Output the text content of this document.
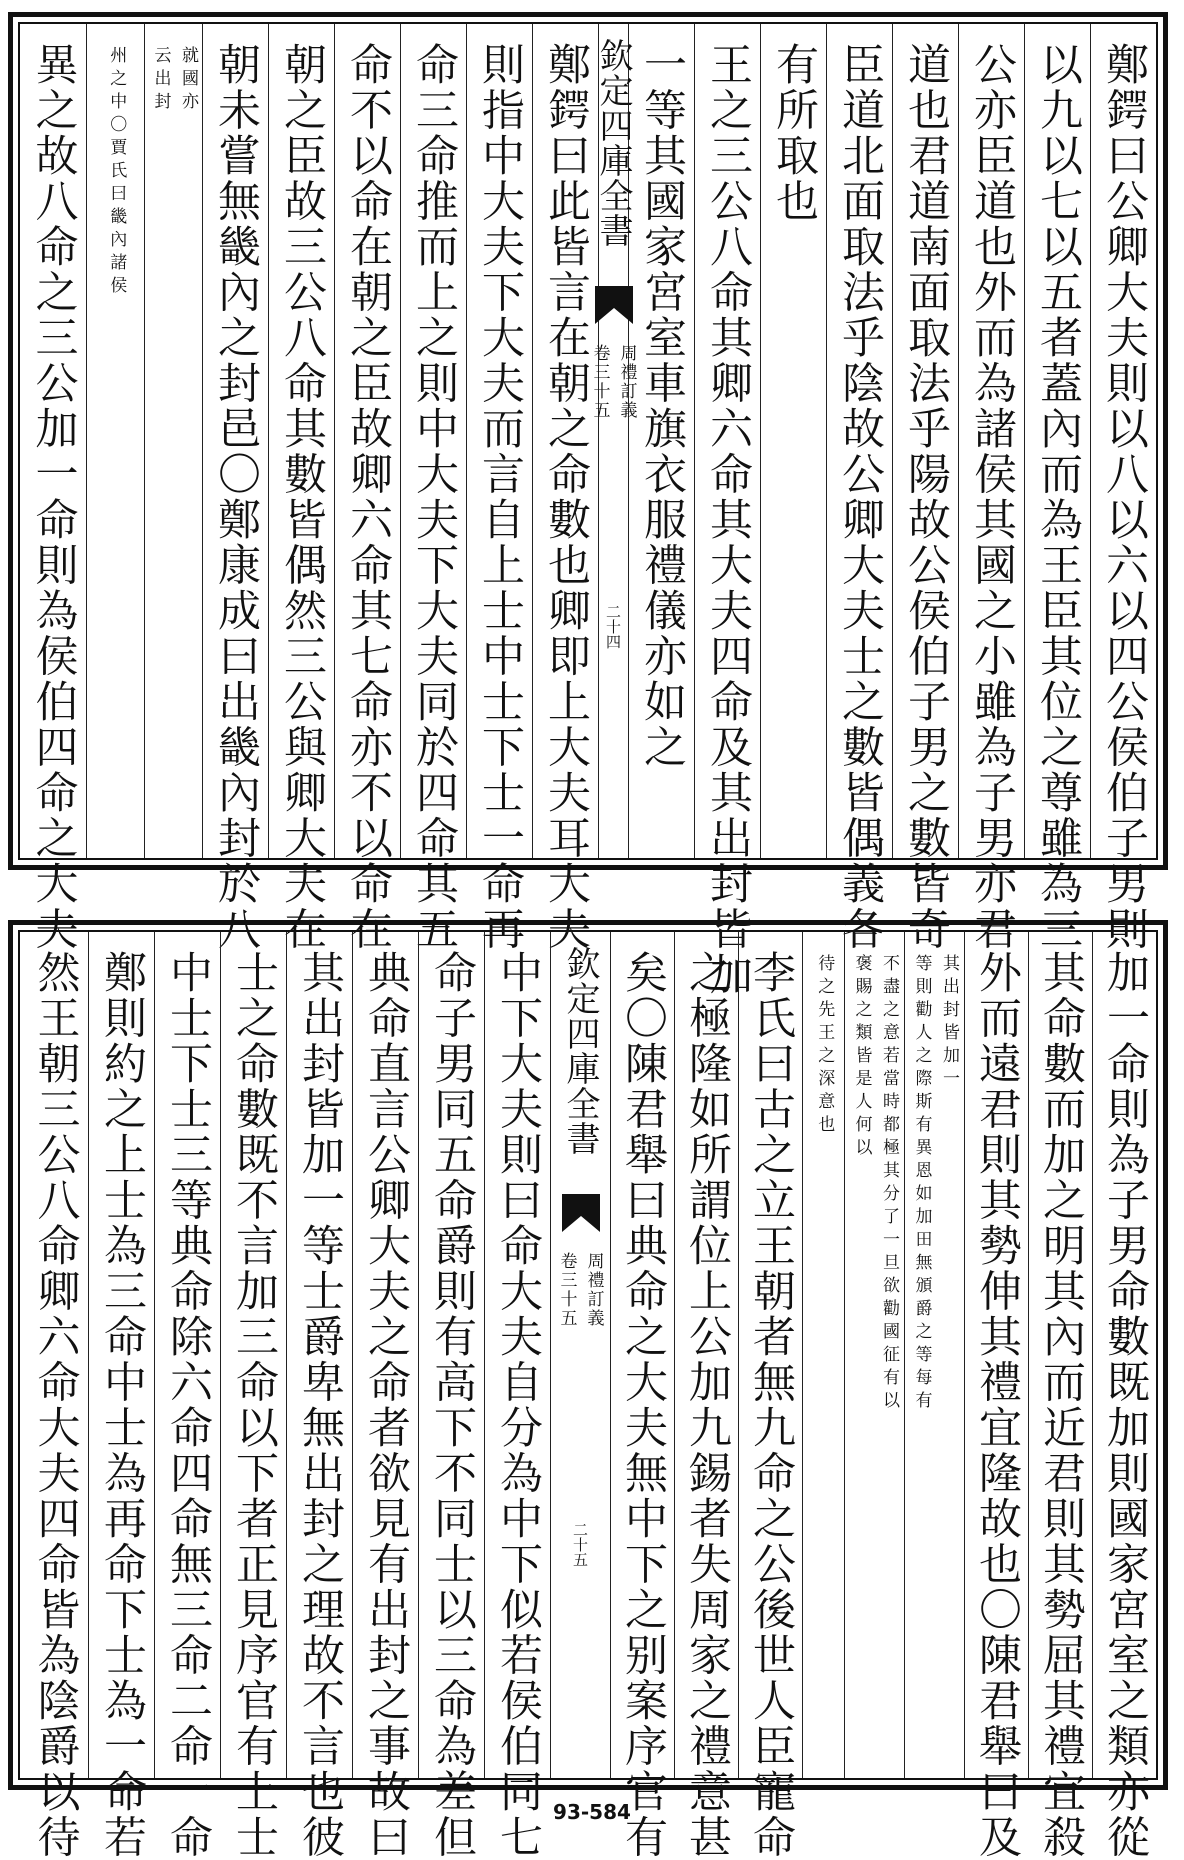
鄭鍔曰公卿大夫則以八以六以四公侯伯子男則
以九以七以五者蓋內而為王臣其位之尊雖為三
公亦臣道也外而為諸侯其國之小雖為子男亦君
道也君道南面取法乎陽故公侯伯子男之數皆奇
臣道北面取法乎陰故公卿大夫士之數皆偶義各
有所取也
王之三公八命其卿六命其大夫四命及其出封皆加
一等其國家宮室車旗衣服禮儀亦如之
欽定四庫全書
周禮訂義
卷三十五
二十四
鄭鍔曰此皆言在朝之命數也卿即上大夫耳大夫
則指中大夫下大夫而言自上士中士下士一命再
命三命推而上之則中大夫下大夫同於四命其五
命不以命在朝之臣故卿六命其七命亦不以命在
朝之臣故三公八命其數皆偶然三公與卿大夫在
朝未嘗無畿內之封邑〇鄭康成曰出畿內封於八
就國亦
云出封
州之中〇賈氏曰畿內諸侯
異之故八命之三公加一命則為侯伯四命之大夫
加一命則為子男命數既加則國家宮室之類亦從
其命數而加之明其內而近君則其勢屈其禮宜殺
外而遠君則其勢伸其禮宜隆故也〇陳君舉曰及
其出封皆加一
等則勸人之際斯有異恩如加田無頒爵之等每有
不盡之意若當時都極其分了一旦欲勸國征有以
褒賜之類皆是人何以
待之先王之深意也
李氏曰古之立王朝者無九命之公後世人臣寵命
之極隆如所謂位上公加九錫者失周家之禮意甚
矣〇陳君舉曰典命之大夫無中下之别案序官有
欽定四庫全書
周禮訂義
卷三十五
二十五
中下大夫則曰命大夫自分為中下似若侯伯同七
命子男同五命爵則有高下不同士以三命為差但
典命直言公卿大夫之命者欲見有出封之事故曰
其出封皆加一等士爵卑無出封之理故不言也彼
士之命數既不言加三命以下者正見序官有上士
中士下士三等典命除六命四命無三命二命一命
鄭則約之上士為三命中士為再命下士為一命若
然王朝三公八命卿六命大夫四命皆為陰爵以待	93-584
